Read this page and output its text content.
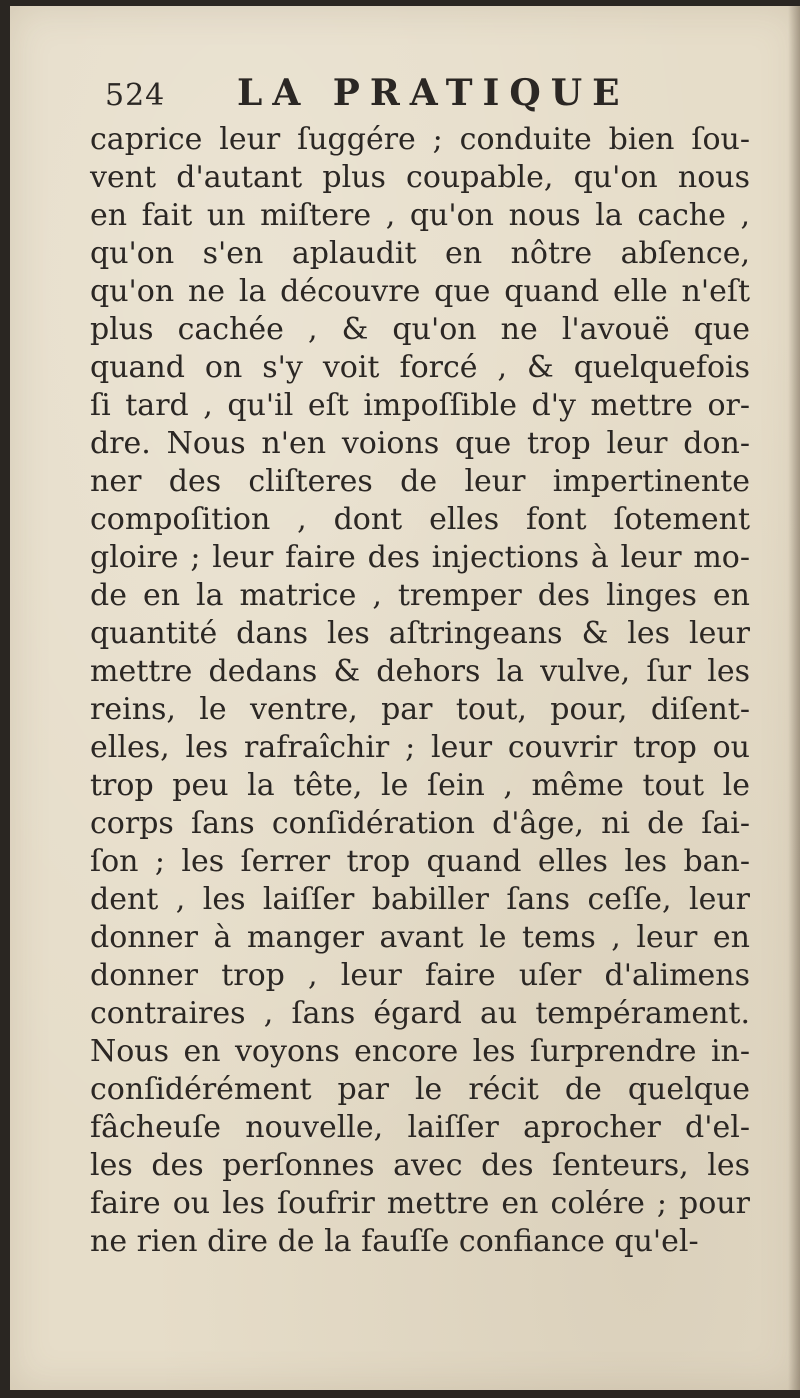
524 LA PRATIQUE
caprice leur ſuggére ; conduite bien ſou-
vent d'autant plus coupable, qu'on nous
en fait un miſtere , qu'on nous la cache ,
qu'on s'en aplaudit en nôtre abſence,
qu'on ne la découvre que quand elle n'eſt
plus cachée , & qu'on ne l'avouë que
quand on s'y voit forcé , & quelquefois
ſi tard , qu'il eſt impoſſible d'y mettre or-
dre. Nous n'en voions que trop leur don-
ner des cliſteres de leur impertinente
compoſition , dont elles font ſotement
gloire ; leur faire des injections à leur mo-
de en la matrice , tremper des linges en
quantité dans les aſtringeans & les leur
mettre dedans & dehors la vulve, ſur les
reins, le ventre, par tout, pour, diſent-
elles, les rafraîchir ; leur couvrir trop ou
trop peu la tête, le ſein , même tout le
corps ſans conſidération d'âge, ni de ſai-
ſon ; les ſerrer trop quand elles les ban-
dent , les laiſſer babiller ſans ceſſe, leur
donner à manger avant le tems , leur en
donner trop , leur faire uſer d'alimens
contraires , ſans égard au tempérament.
Nous en voyons encore les ſurprendre in-
conſidérément par le récit de quelque
fâcheuſe nouvelle, laiſſer aprocher d'el-
les des perſonnes avec des ſenteurs, les
faire ou les ſoufrir mettre en colére ; pour
ne rien dire de la fauſſe confiance qu'el-
